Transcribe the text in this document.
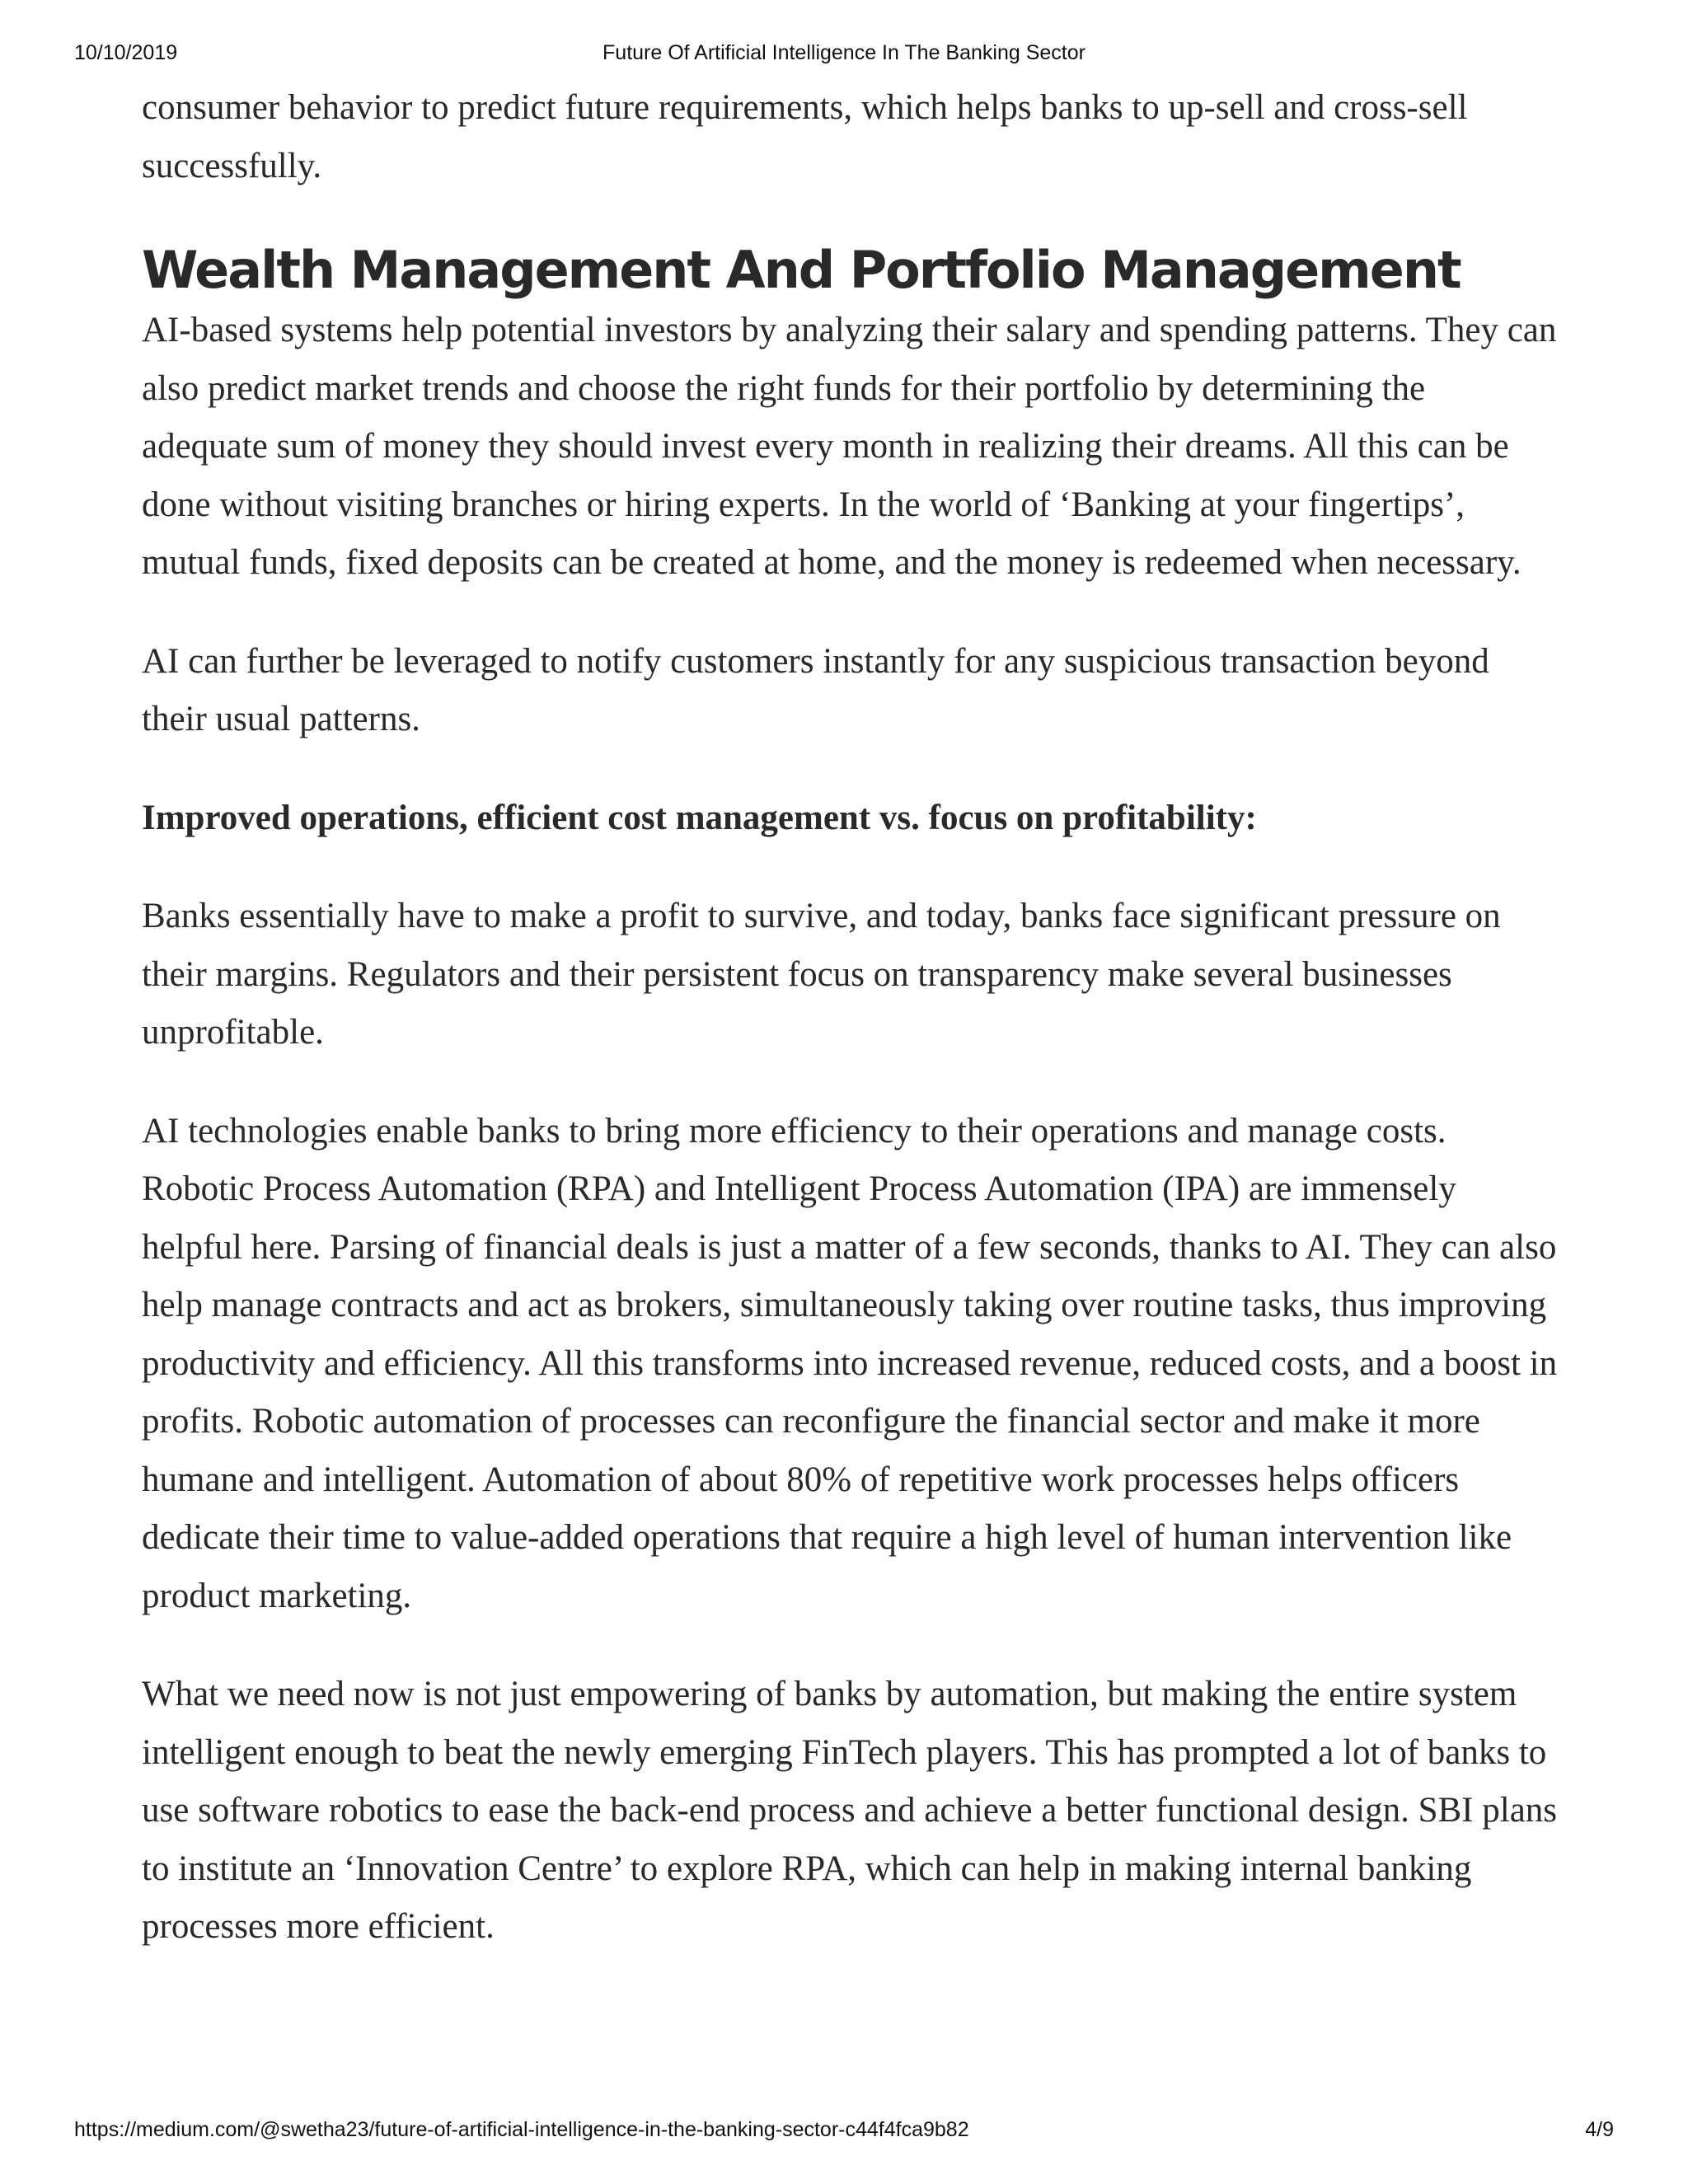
10/10/2019	Future Of Artificial Intelligence In The Banking Sector

consumer behavior to predict future requirements, which helps banks to up-sell and cross-sell successfully.

Wealth Management And Portfolio Management

AI-based systems help potential investors by analyzing their salary and spending patterns. They can also predict market trends and choose the right funds for their portfolio by determining the adequate sum of money they should invest every month in realizing their dreams. All this can be done without visiting branches or hiring experts. In the world of ‘Banking at your fingertips’, mutual funds, fixed deposits can be created at home, and the money is redeemed when necessary.

AI can further be leveraged to notify customers instantly for any suspicious transaction beyond their usual patterns.

Improved operations, efficient cost management vs. focus on profitability:

Banks essentially have to make a profit to survive, and today, banks face significant pressure on their margins. Regulators and their persistent focus on transparency make several businesses unprofitable.

AI technologies enable banks to bring more efficiency to their operations and manage costs. Robotic Process Automation (RPA) and Intelligent Process Automation (IPA) are immensely helpful here. Parsing of financial deals is just a matter of a few seconds, thanks to AI. They can also help manage contracts and act as brokers, simultaneously taking over routine tasks, thus improving productivity and efficiency. All this transforms into increased revenue, reduced costs, and a boost in profits. Robotic automation of processes can reconfigure the financial sector and make it more humane and intelligent. Automation of about 80% of repetitive work processes helps officers dedicate their time to value-added operations that require a high level of human intervention like product marketing.

What we need now is not just empowering of banks by automation, but making the entire system intelligent enough to beat the newly emerging FinTech players. This has prompted a lot of banks to use software robotics to ease the back-end process and achieve a better functional design. SBI plans to institute an ‘Innovation Centre’ to explore RPA, which can help in making internal banking processes more efficient.

https://medium.com/@swetha23/future-of-artificial-intelligence-in-the-banking-sector-c44f4fca9b82	4/9
